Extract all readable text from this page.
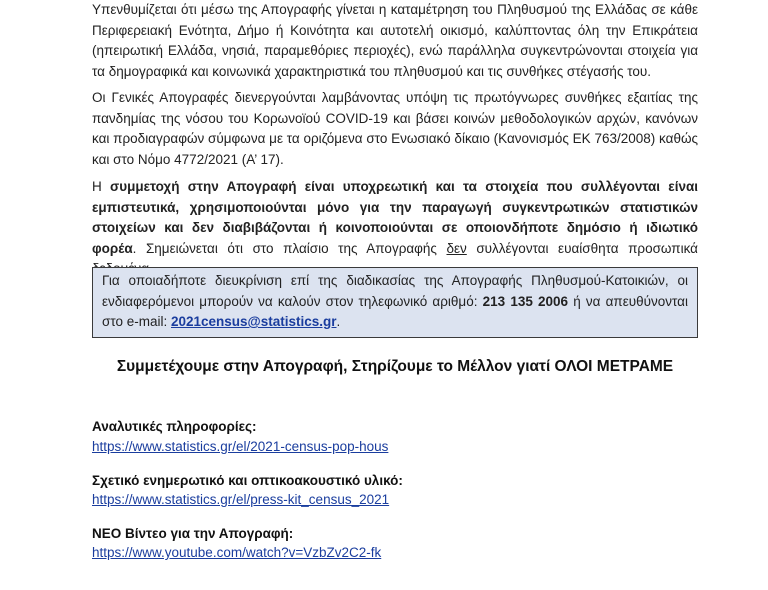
Υπενθυμίζεται ότι μέσω της Απογραφής γίνεται η καταμέτρηση του Πληθυσμού της Ελλάδας σε κάθε Περιφερειακή Ενότητα, Δήμο ή Κοινότητα και αυτοτελή οικισμό, καλύπτοντας όλη την Επικράτεια (ηπειρωτική Ελλάδα, νησιά, παραμεθόριες περιοχές), ενώ παράλληλα συγκεντρώνονται στοιχεία για τα δημογραφικά και κοινωνικά χαρακτηριστικά του πληθυσμού και τις συνθήκες στέγασής του.

Οι Γενικές Απογραφές διενεργούνται λαμβάνοντας υπόψη τις πρωτόγνωρες συνθήκες εξαιτίας της πανδημίας της νόσου του Κορωνοϊού COVID-19 και βάσει κοινών μεθοδολογικών αρχών, κανόνων και προδιαγραφών σύμφωνα με τα οριζόμενα στο Ενωσιακό δίκαιο (Κανονισμός ΕΚ 763/2008) καθώς και στο Νόμο 4772/2021 (Α’ 17).

Η συμμετοχή στην Απογραφή είναι υποχρεωτική και τα στοιχεία που συλλέγονται είναι εμπιστευτικά, χρησιμοποιούνται μόνο για την παραγωγή συγκεντρωτικών στατιστικών στοιχείων και δεν διαβιβάζονται ή κοινοποιούνται σε οποιονδήποτε δημόσιο ή ιδιωτικό φορέα. Σημειώνεται ότι στο πλαίσιο της Απογραφής δεν συλλέγονται ευαίσθητα προσωπικά

Για οποιαδήποτε διευκρίνιση επί της διαδικασίας της Απογραφής Πληθυσμού-Κατοικιών, οι ενδιαφερόμενοι μπορούν να καλούν στον τηλεφωνικό αριθμό: 213 135 2006 ή να απευθύνονται στο e-mail: 2021census@statistics.gr.
Συμμετέχουμε στην Απογραφή, Στηρίζουμε το Μέλλον γιατί ΟΛΟΙ ΜΕΤΡΑΜΕ
Αναλυτικές πληροφορίες:
https://www.statistics.gr/el/2021-census-pop-hous
Σχετικό ενημερωτικό και οπτικοακουστικό υλικό:
https://www.statistics.gr/el/press-kit_census_2021
ΝΕΟ Βίντεο για την Απογραφή:
https://www.youtube.com/watch?v=VzbZv2C2-fk
